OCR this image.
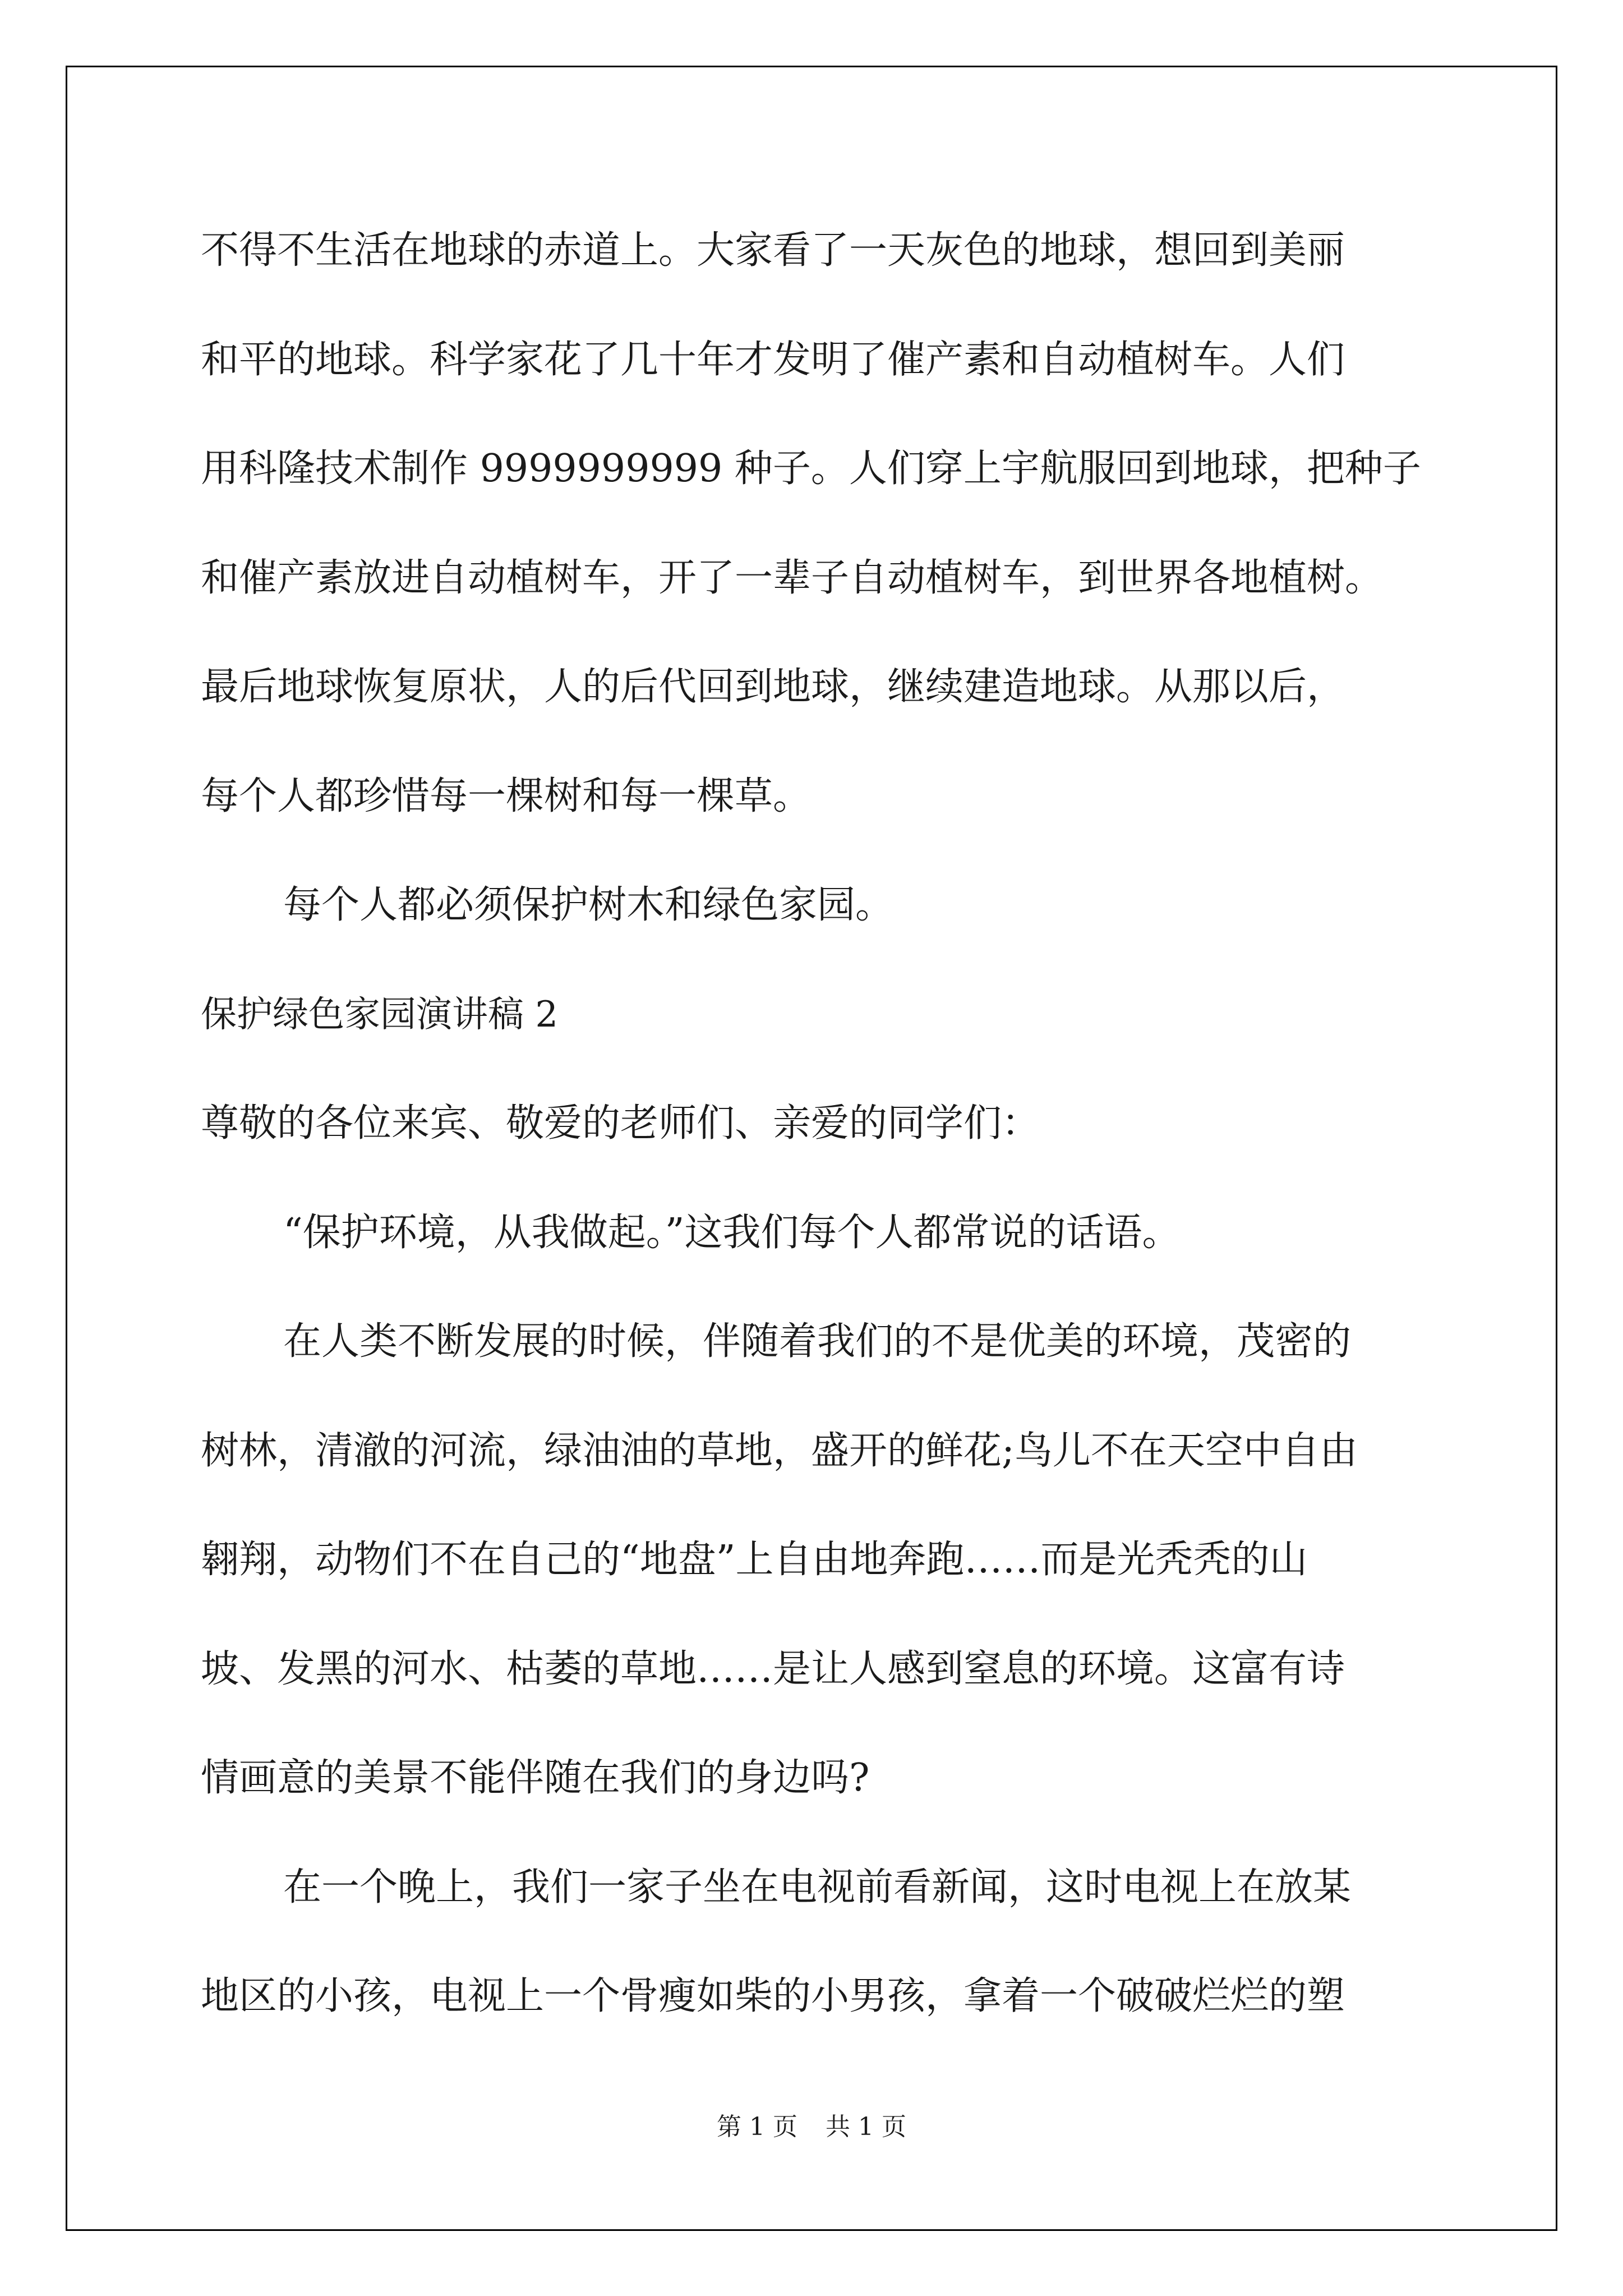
不得不生活在地球的赤道上。大家看了一天灰色的地球，想回到美丽

和平的地球。科学家花了几十年才发明了催产素和自动植树车。人们

用科隆技术制作 9999999999 种子。人们穿上宇航服回到地球，把种子

和催产素放进自动植树车，开了一辈子自动植树车，到世界各地植树。

最后地球恢复原状，人的后代回到地球，继续建造地球。从那以后，

每个人都珍惜每一棵树和每一棵草。

每个人都必须保护树木和绿色家园。

保护绿色家园演讲稿 2

尊敬的各位来宾、敬爱的老师们、亲爱的同学们：

“保护环境，从我做起。”这我们每个人都常说的话语。

在人类不断发展的时候，伴随着我们的不是优美的环境，茂密的

树林，清澈的河流，绿油油的草地，盛开的鲜花;鸟儿不在天空中自由

翱翔，动物们不在自己的“地盘”上自由地奔跑……而是光秃秃的山

坡、发黑的河水、枯萎的草地……是让人感到窒息的环境。这富有诗

情画意的美景不能伴随在我们的身边吗?

在一个晚上，我们一家子坐在电视前看新闻，这时电视上在放某

地区的小孩，电视上一个骨瘦如柴的小男孩，拿着一个破破烂烂的塑

第 1 页 共 1 页
